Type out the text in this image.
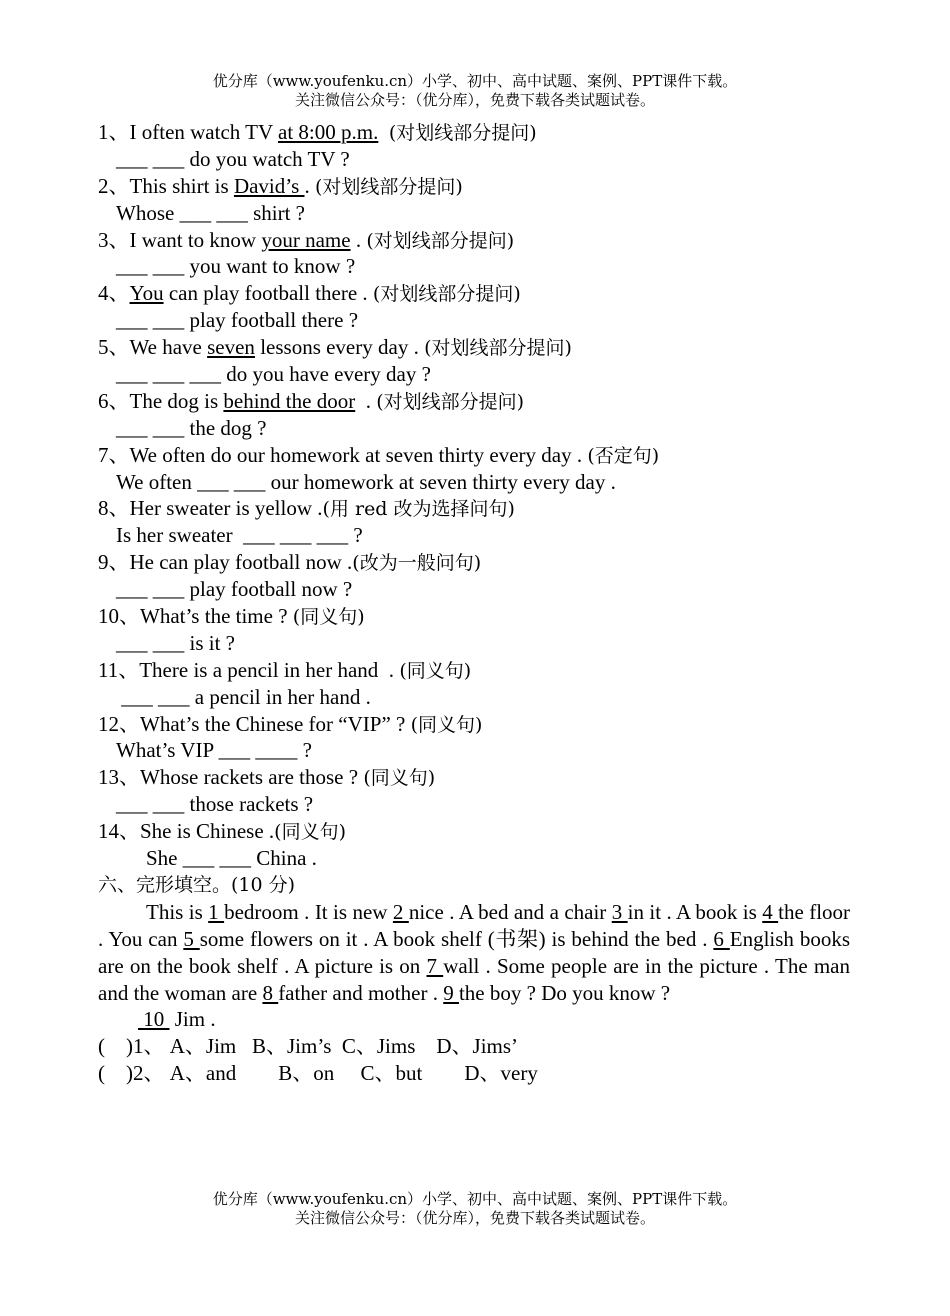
优分库（www.youfenku.cn）小学、初中、高中试题、案例、PPT课件下载。
关注微信公众号：（优分库），免费下载各类试题试卷。
1、I often watch TV at 8:00 p.m. (对划线部分提问)
___ ___ do you watch TV ?
2、This shirt is David’s . (对划线部分提问)
Whose ___ ___ shirt ?
3、I want to know your name . (对划线部分提问)
___ ___ you want to know ?
4、You can play football there . (对划线部分提问)
___ ___ play football there ?
5、We have seven lessons every day . (对划线部分提问)
___ ___ ___ do you have every day ?
6、The dog is behind the door  . (对划线部分提问)
___ ___ the dog ?
7、We often do our homework at seven thirty every day . (否定句)
We often ___ ___ our homework at seven thirty every day .
8、Her sweater is yellow .(用 red 改为选择问句)
Is her sweater  ___ ___ ___ ?
9、He can play football now .(改为一般问句)
___ ___ play football now ?
10、What’s the time ? (同义句)
___ ___ is it ?
11、There is a pencil in her hand  . (同义句)
___ ___ a pencil in her hand .
12、What’s the Chinese for “VIP” ? (同义句)
What’s VIP ___ ____ ?
13、Whose rackets are those ? (同义句)
___ ___ those rackets ?
14、She is Chinese .(同义句)
She ___ ___ China .
六、完形填空。(10 分)
This is 1 bedroom . It is new 2 nice . A bed and a chair 3 in it . A book is 4 the floor . You can 5 some flowers on it . A book shelf (书架) is behind the bed . 6 English books are on the book shelf . A picture is on 7 wall . Some people are in the picture . The man and the woman are 8 father and mother . 9 the boy ? Do you know ?
10  Jim .
(    )1、 A、Jim   B、Jim’s  C、Jims    D、Jims’
(    )2、 A、and        B、on     C、but        D、very
优分库（www.youfenku.cn）小学、初中、高中试题、案例、PPT课件下载。
关注微信公众号：（优分库），免费下载各类试题试卷。
